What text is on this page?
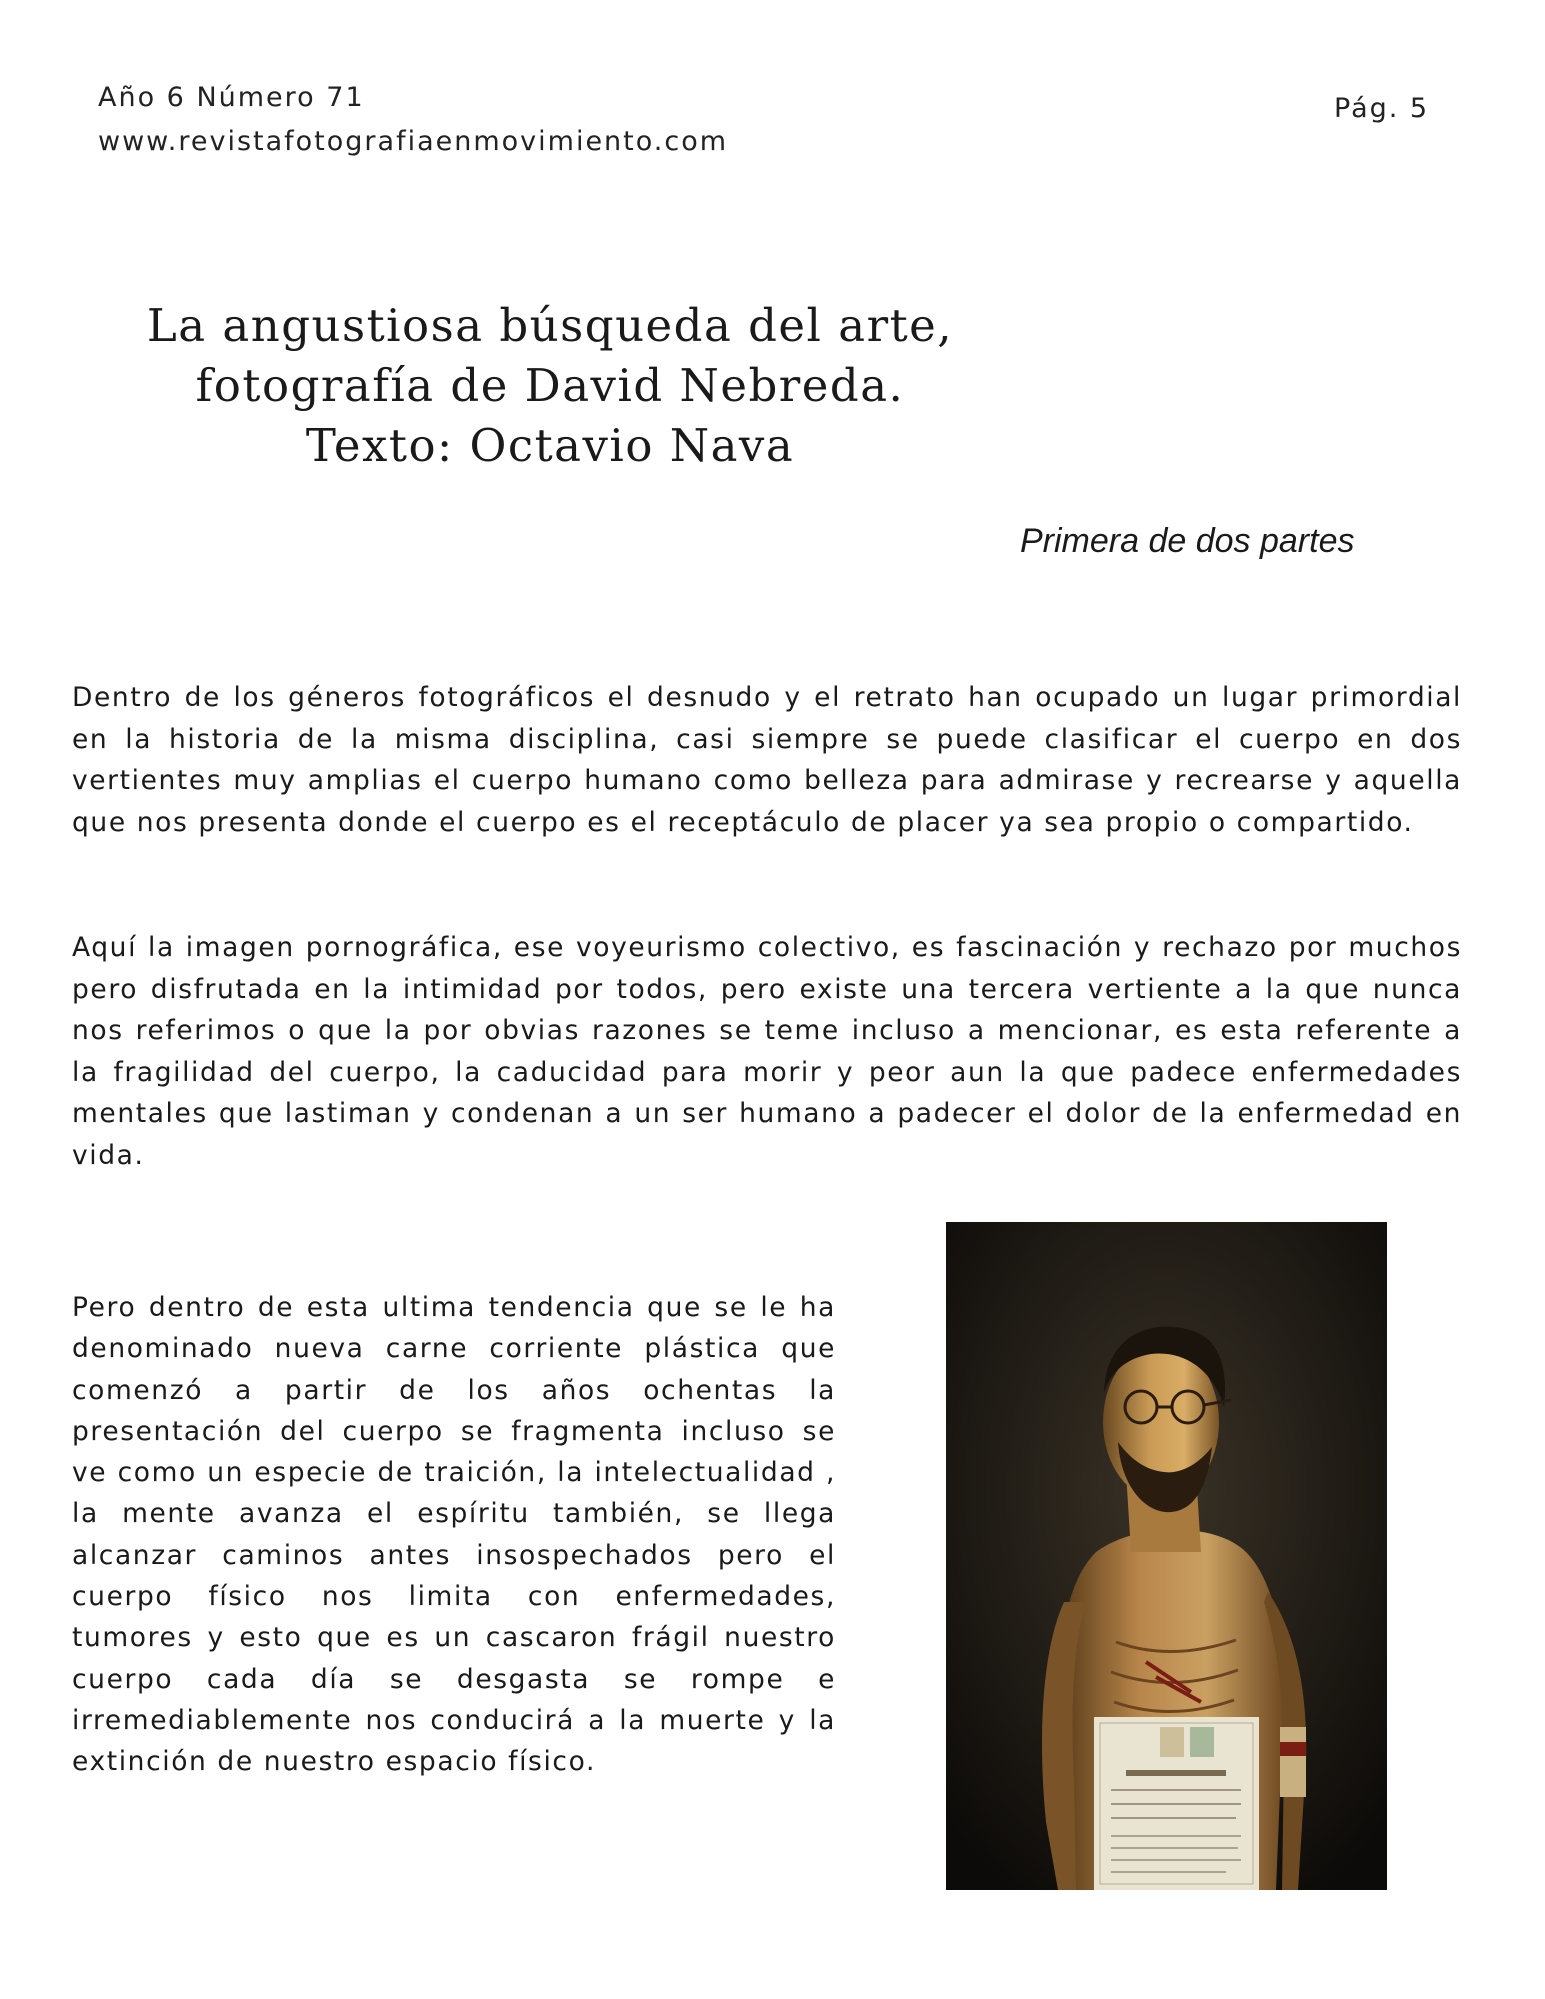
Año 6 Número 71
www.revistafotografiaenmovimiento.com
Pág. 5
La angustiosa búsqueda del arte,
fotografía de David Nebreda.
Texto: Octavio Nava
Primera de dos partes

Dentro de los géneros fotográficos el desnudo y el retrato han ocupado un lugar primordial en la historia de la misma disciplina, casi siempre se puede clasificar el cuerpo en dos vertientes muy amplias el cuerpo humano como belleza para admirase y recrearse y aquella que nos presenta donde el cuerpo es el receptáculo de placer ya sea propio o compartido.

Aquí la imagen pornográfica, ese voyeurismo colectivo, es fascinación y rechazo por muchos pero disfrutada en la intimidad por todos, pero existe una tercera vertiente a la que nunca nos referimos o que la por obvias razones se teme incluso a mencionar, es esta referente a la fragilidad del cuerpo, la caducidad para morir y peor aun la que padece enfermedades mentales que lastiman y condenan a un ser humano a padecer el dolor de la enfermedad en vida.

Pero dentro de esta ultima tendencia que se le ha denominado nueva carne corriente plástica que comenzó a partir de los años ochentas la presentación del cuerpo se fragmenta incluso se ve como un especie de traición, la intelectualidad , la mente avanza el espíritu también, se llega alcanzar caminos antes insospechados pero el cuerpo físico nos limita con enfermedades, tumores y esto que es un cascaron frágil nuestro cuerpo cada día se desgasta se rompe e irremediablemente nos conducirá a la muerte y la extinción de nuestro espacio físico.
